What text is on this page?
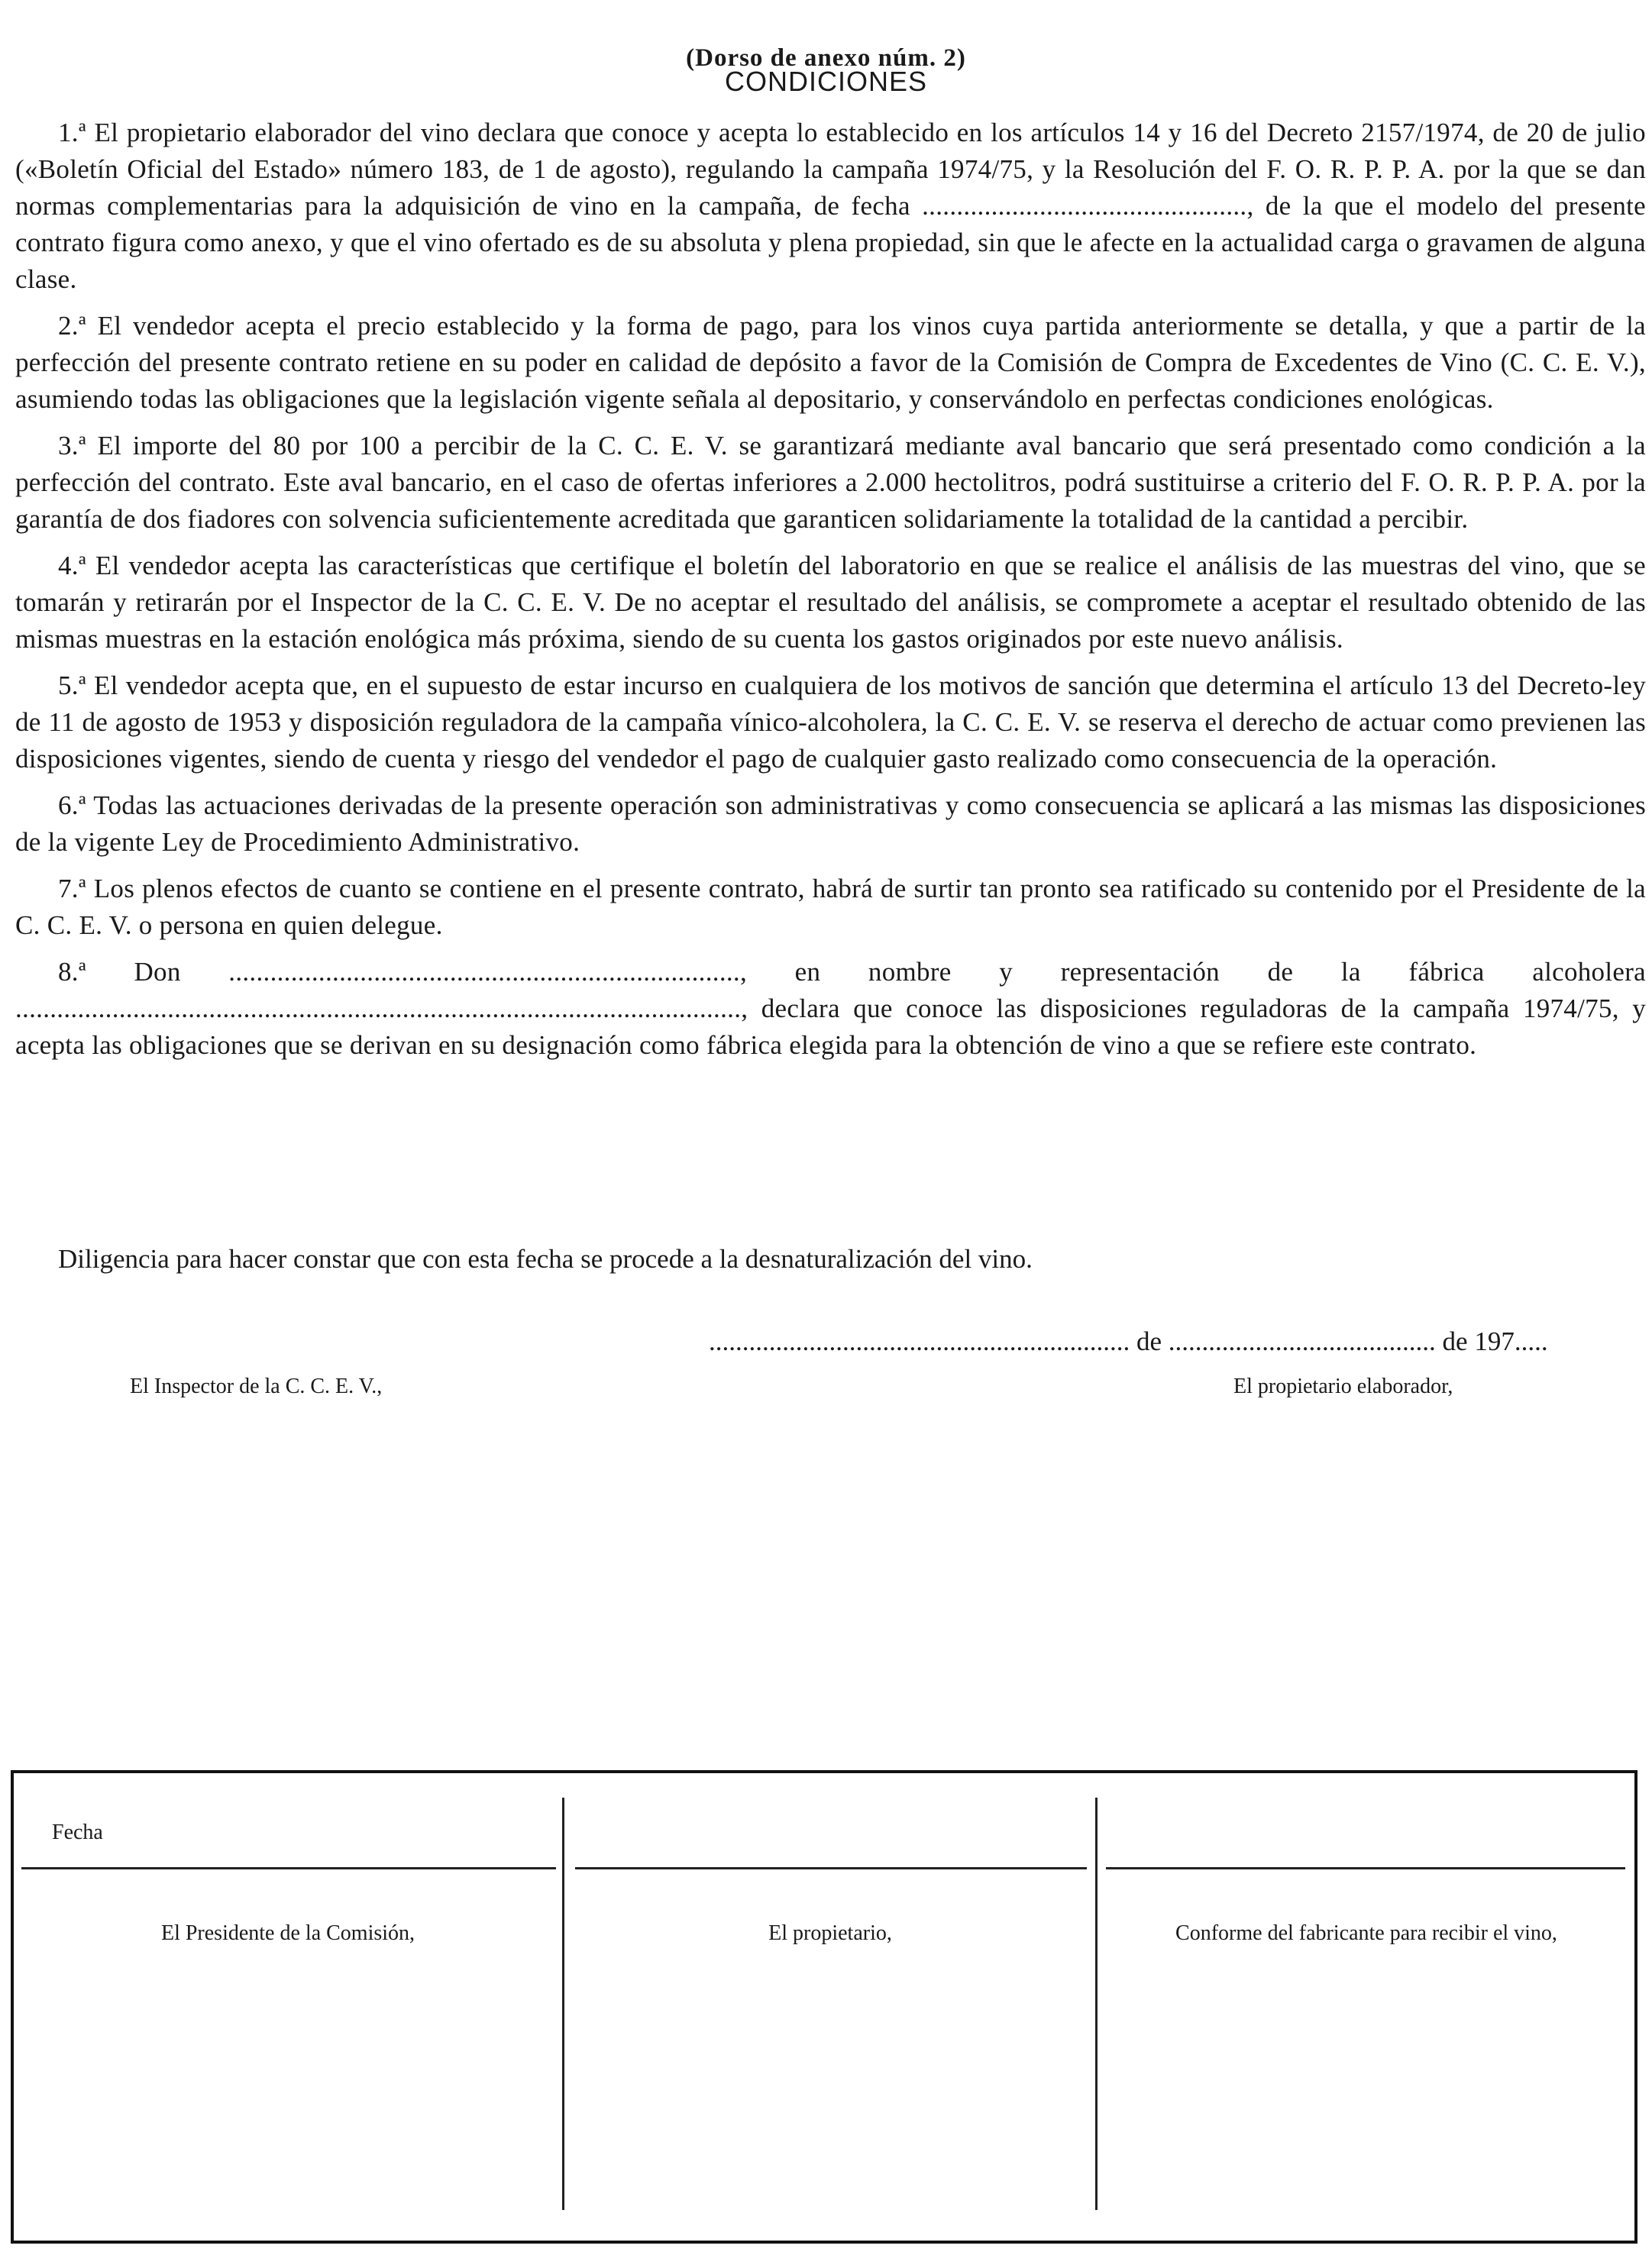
(Dorso de anexo núm. 2)

CONDICIONES

1.ª El propietario elaborador del vino declara que conoce y acepta lo establecido en los artículos 14 y 16 del Decreto 2157/1974, de 20 de julio («Boletín Oficial del Estado» número 183, de 1 de agosto), regulando la campaña 1974/75, y la Resolución del F. O. R. P. P. A. por la que se dan normas complementarias para la adquisición de vino en la campaña, de fecha ..............................................., de la que el modelo del presente contrato figura como anexo, y que el vino ofertado es de su absoluta y plena propiedad, sin que le afecte en la actualidad carga o gravamen de alguna clase.

2.ª El vendedor acepta el precio establecido y la forma de pago, para los vinos cuya partida anteriormente se detalla, y que a partir de la perfección del presente contrato retiene en su poder en calidad de depósito a favor de la Comisión de Compra de Excedentes de Vino (C. C. E. V.), asumiendo todas las obligaciones que la legislación vigente señala al depositario, y conservándolo en perfectas condiciones enológicas.

3.ª El importe del 80 por 100 a percibir de la C. C. E. V. se garantizará mediante aval bancario que será presentado como condición a la perfección del contrato. Este aval bancario, en el caso de ofertas inferiores a 2.000 hectolitros, podrá sustituirse a criterio del F. O. R. P. P. A. por la garantía de dos fiadores con solvencia suficientemente acreditada que garanticen solidariamente la totalidad de la cantidad a percibir.

4.ª El vendedor acepta las características que certifique el boletín del laboratorio en que se realice el análisis de las muestras del vino, que se tomarán y retirarán por el Inspector de la C. C. E. V. De no aceptar el resultado del análisis, se compromete a aceptar el resultado obtenido de las mismas muestras en la estación enológica más próxima, siendo de su cuenta los gastos originados por este nuevo análisis.

5.ª El vendedor acepta que, en el supuesto de estar incurso en cualquiera de los motivos de sanción que determina el artículo 13 del Decreto-ley de 11 de agosto de 1953 y disposición reguladora de la campaña vínico-alcoholera, la C. C. E. V. se reserva el derecho de actuar como previenen las disposiciones vigentes, siendo de cuenta y riesgo del vendedor el pago de cualquier gasto realizado como consecuencia de la operación.

6.ª Todas las actuaciones derivadas de la presente operación son administrativas y como consecuencia se aplicará a las mismas las disposiciones de la vigente Ley de Procedimiento Administrativo.

7.ª Los plenos efectos de cuanto se contiene en el presente contrato, habrá de surtir tan pronto sea ratificado su contenido por el Presidente de la C. C. E. V. o persona en quien delegue.

8.ª Don .........................................................................., en nombre y representación de la fábrica alcoholera ........................................................................................................., declara que conoce las disposiciones reguladoras de la campaña 1974/75, y acepta las obligaciones que se derivan en su designación como fábrica elegida para la obtención de vino a que se refiere este contrato.

Diligencia para hacer constar que con esta fecha se procede a la desnaturalización del vino.

............................................................... de ........................................ de 197.....

El Inspector de la C. C. E. V.,	El propietario elaborador,

Fecha

El Presidente de la Comisión,	El propietario,	Conforme del fabricante para recibir el vino,
